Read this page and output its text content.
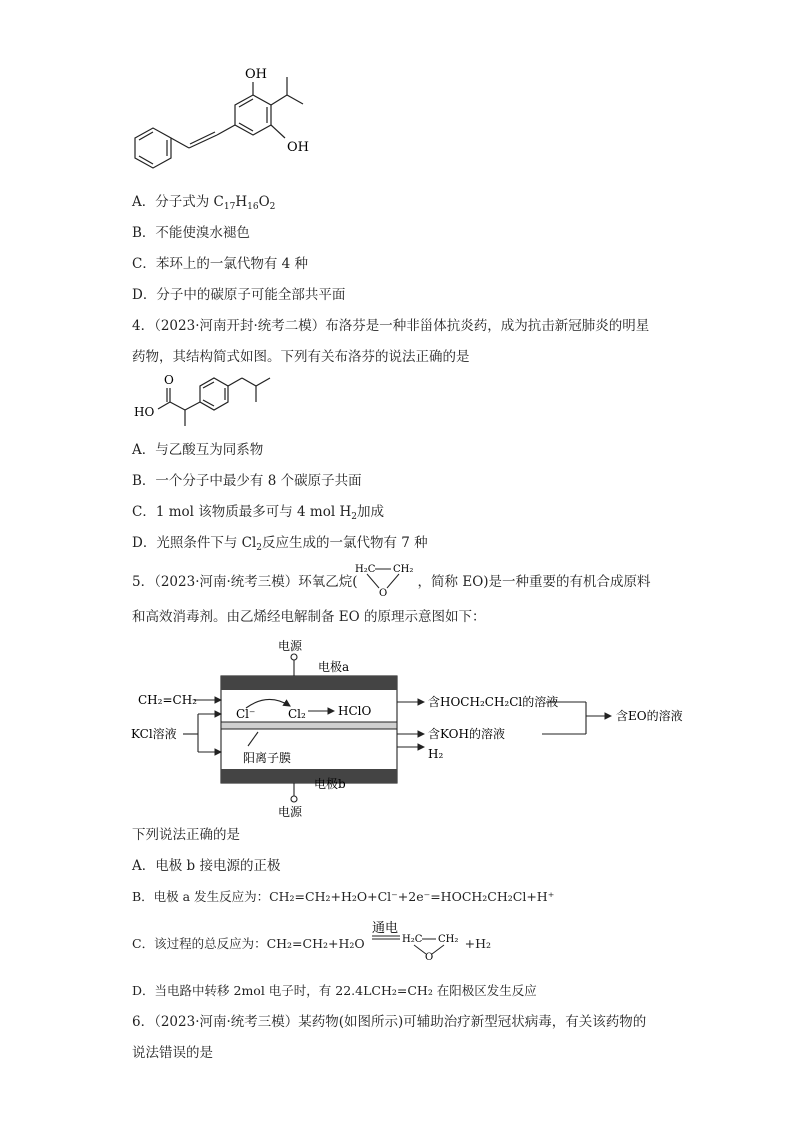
OH
OH
A．分子式为 $C_{17}H_{16}O_2$
B．不能使溴水褪色
C．苯环上的一氯代物有 4 种
D．分子中的碳原子可能全部共平面
4．（2023·河南开封·统考二模）布洛芬是一种非甾体抗炎药，成为抗击新冠肺炎的明星
药物，其结构简式如图。下列有关布洛芬的说法正确的是
O
HO
A．与乙酸互为同系物
B．一个分子中最少有 8 个碳原子共面
C．1 mol 该物质最多可与 4 mol $H_2$加成
D．光照条件下与 $Cl_2$反应生成的一氯代物有 7 种
5．（2023·河南·统考三模）环氧乙烷(	，简称 EO)是一种重要的有机合成原料
H₂C CH₂
O
和高效消毒剂。由乙烯经电解制备 EO 的原理示意图如下：
电源
电极a
CH₂=CH₂
KCl溶液
Cl⁻	Cl₂	HClO
阳离子膜
含HOCH₂CH₂Cl的溶液
含KOH的溶液
H₂
含EO的溶液
电极b
电源
下列说法正确的是
A．电极 b 接电源的正极
B．电极 a 发生反应为：CH₂=CH₂+H₂O+Cl⁻+2e⁻=HOCH₂CH₂Cl+H⁺
C．该过程的总反应为：CH₂=CH₂+H₂O	+H₂
通电
H₂C CH₂
O
D．当电路中转移 2mol 电子时，有 22.4LCH₂=CH₂ 在阳极区发生反应
6．（2023·河南·统考三模）某药物(如图所示)可辅助治疗新型冠状病毒，有关该药物的
说法错误的是
